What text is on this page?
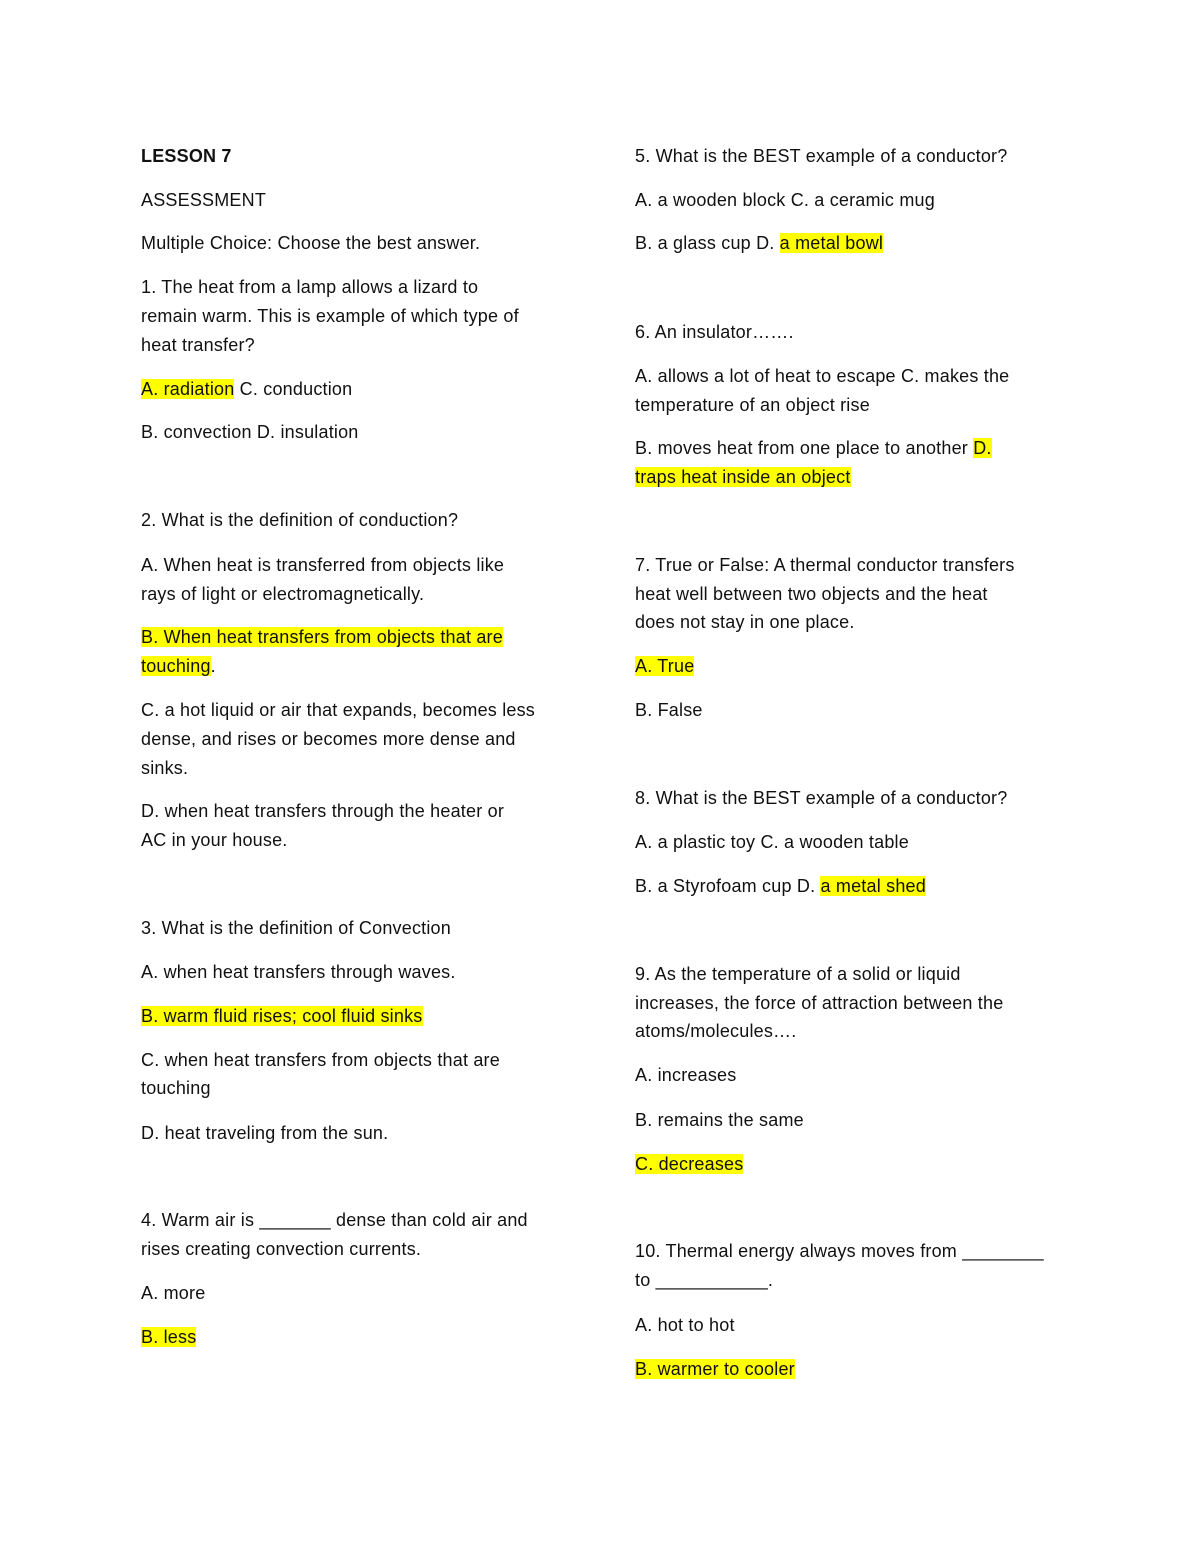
LESSON 7
ASSESSMENT
Multiple Choice: Choose the best answer.
1. The heat from a lamp allows a lizard to
remain warm. This is example of which type of
heat transfer?
A. radiation C. conduction
B. convection D. insulation
2. What is the definition of conduction?
A. When heat is transferred from objects like
rays of light or electromagnetically.
B. When heat transfers from objects that are
touching.
C. a hot liquid or air that expands, becomes less
dense, and rises or becomes more dense and
sinks.
D. when heat transfers through the heater or
AC in your house.
3. What is the definition of Convection
A. when heat transfers through waves.
B. warm fluid rises; cool fluid sinks
C. when heat transfers from objects that are
touching
D. heat traveling from the sun.
4. Warm air is _______ dense than cold air and
rises creating convection currents.
A. more
B. less
5. What is the BEST example of a conductor?
A. a wooden block C. a ceramic mug
B. a glass cup D. a metal bowl
6. An insulator…….
A. allows a lot of heat to escape C. makes the
temperature of an object rise
B. moves heat from one place to another D.
traps heat inside an object
7. True or False: A thermal conductor transfers
heat well between two objects and the heat
does not stay in one place.
A. True
B. False
8. What is the BEST example of a conductor?
A. a plastic toy C. a wooden table
B. a Styrofoam cup D. a metal shed
9. As the temperature of a solid or liquid
increases, the force of attraction between the
atoms/molecules….
A. increases
B. remains the same
C. decreases
10. Thermal energy always moves from ________
to ___________.
A. hot to hot
B. warmer to cooler
